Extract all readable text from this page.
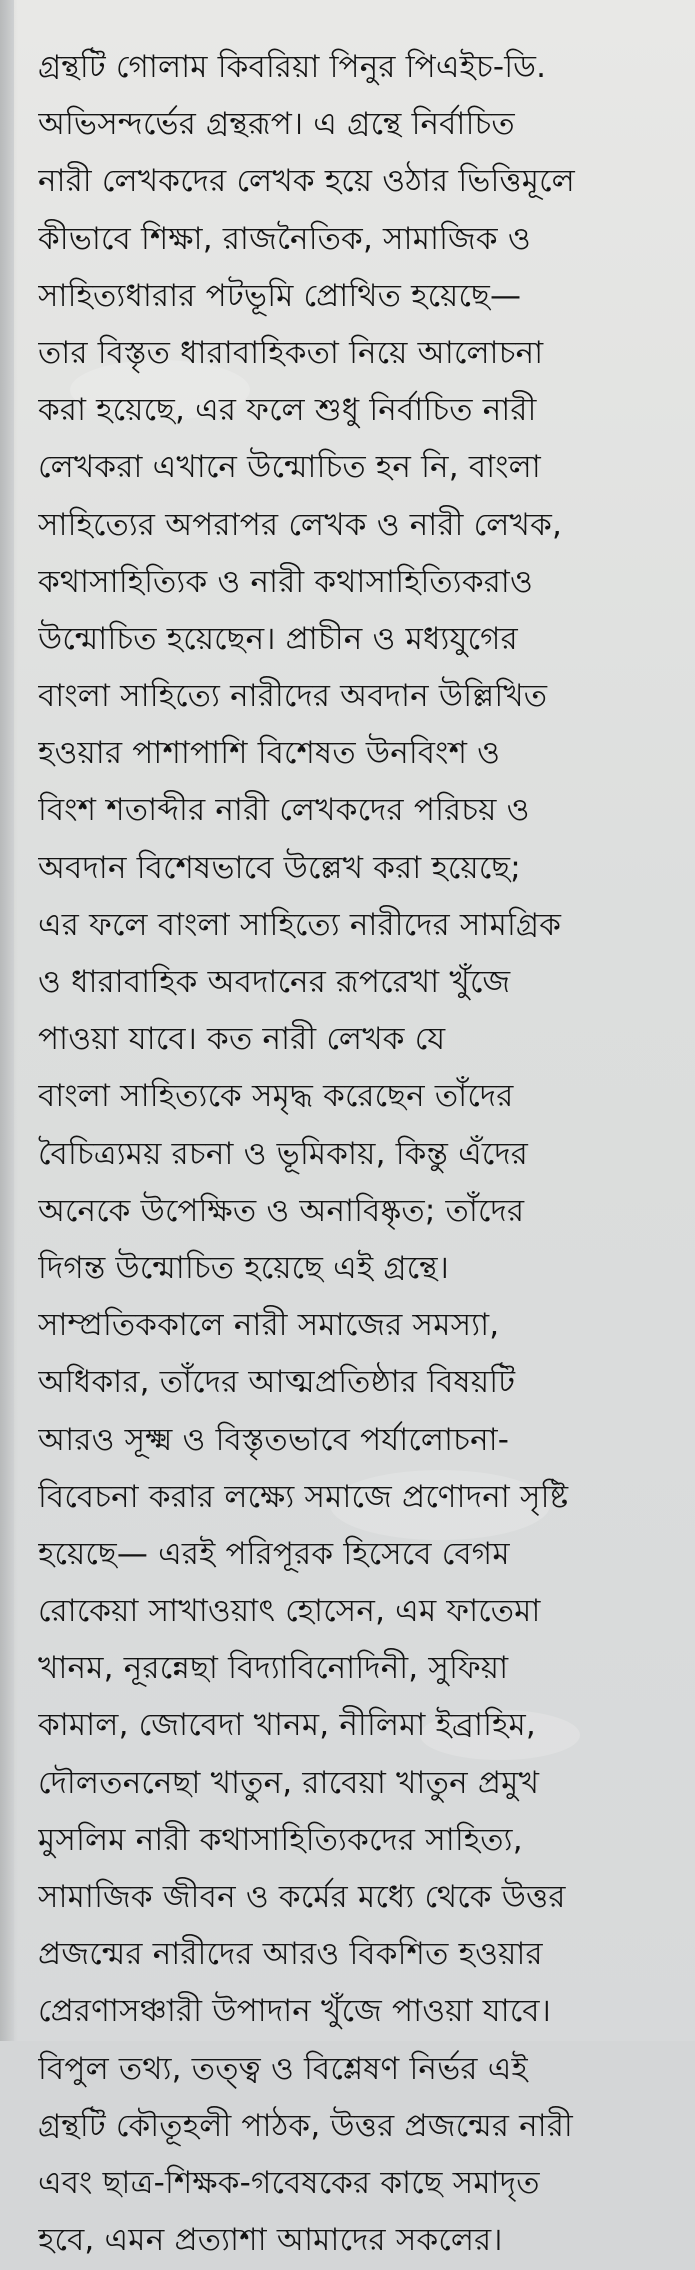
গ্রন্থটি গোলাম কিবরিয়া পিনুর পিএইচ-ডি.
অভিসন্দর্ভের গ্রন্থরূপ। এ গ্রন্থে নির্বাচিত
নারী লেখকদের লেখক হয়ে ওঠার ভিত্তিমূলে
কীভাবে শিক্ষা, রাজনৈতিক, সামাজিক ও
সাহিত্যধারার পটভূমি প্রোথিত হয়েছে—
তার বিস্তৃত ধারাবাহিকতা নিয়ে আলোচনা
করা হয়েছে, এর ফলে শুধু নির্বাচিত নারী
লেখকরা এখানে উন্মোচিত হন নি, বাংলা
সাহিত্যের অপরাপর লেখক ও নারী লেখক,
কথাসাহিত্যিক ও নারী কথাসাহিত্যিকরাও
উন্মোচিত হয়েছেন। প্রাচীন ও মধ্যযুগের
বাংলা সাহিত্যে নারীদের অবদান উল্লিখিত
হওয়ার পাশাপাশি বিশেষত উনবিংশ ও
বিংশ শতাব্দীর নারী লেখকদের পরিচয় ও
অবদান বিশেষভাবে উল্লেখ করা হয়েছে;
এর ফলে বাংলা সাহিত্যে নারীদের সামগ্রিক
ও ধারাবাহিক অবদানের রূপরেখা খুঁজে
পাওয়া যাবে। কত নারী লেখক যে
বাংলা সাহিত্যকে সমৃদ্ধ করেছেন তাঁদের
বৈচিত্র্যময় রচনা ও ভূমিকায়, কিন্তু এঁদের
অনেকে উপেক্ষিত ও অনাবিষ্কৃত; তাঁদের
দিগন্ত উন্মোচিত হয়েছে এই গ্রন্থে।
সাম্প্রতিককালে নারী সমাজের সমস্যা,
অধিকার, তাঁদের আত্মপ্রতিষ্ঠার বিষয়টি
আরও সূক্ষ্ম ও বিস্তৃতভাবে পর্যালোচনা-
বিবেচনা করার লক্ষ্যে সমাজে প্রণোদনা সৃষ্টি
হয়েছে— এরই পরিপূরক হিসেবে বেগম
রোকেয়া সাখাওয়াৎ হোসেন, এম ফাতেমা
খানম, নূরন্নেছা বিদ্যাবিনোদিনী, সুফিয়া
কামাল, জোবেদা খানম, নীলিমা ইব্রাহিম,
দৌলতননেছা খাতুন, রাবেয়া খাতুন প্রমুখ
মুসলিম নারী কথাসাহিত্যিকদের সাহিত্য,
সামাজিক জীবন ও কর্মের মধ্যে থেকে উত্তর
প্রজন্মের নারীদের আরও বিকশিত হওয়ার
প্রেরণাসঞ্চারী উপাদান খুঁজে পাওয়া যাবে।
বিপুল তথ্য, তত্ত্ব ও বিশ্লেষণ নির্ভর এই
গ্রন্থটি কৌতূহলী পাঠক, উত্তর প্রজন্মের নারী
এবং ছাত্র-শিক্ষক-গবেষকের কাছে সমাদৃত
হবে, এমন প্রত্যাশা আমাদের সকলের।
